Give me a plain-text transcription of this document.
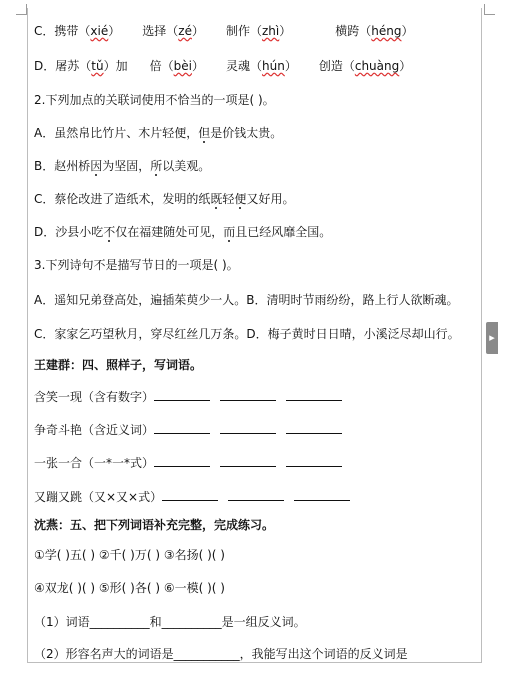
▸
C．携带（xié） 选择（zé） 制作（zhì）	横跨（héng）
D．屠苏（tǔ）加 倍（bèi） 灵魂（hún） 创造（chuàng）
2.下列加点的关联词使用不恰当的一项是( )。
A．虽然帛比竹片、木片轻便，但是价钱太贵。
B．赵州桥因为坚固，所以美观。
C．蔡伦改进了造纸术，发明的纸既轻便又好用。
D．沙县小吃不仅在福建随处可见，而且已经风靡全国。
3.下列诗句不是描写节日的一项是( )。
A．遥知兄弟登高处，遍插茱萸少一人。B．清明时节雨纷纷，路上行人欲断魂。
C．家家乞巧望秋月，穿尽红丝几万条。D．梅子黄时日日晴，小溪泛尽却山行。
王建群：四、照样子，写词语。
含笑一现（含有数字）
争奇斗艳（含近义词）
一张一合（一*一*式）
又蹦又跳（又×又×式）
沈燕：五、把下列词语补充完整，完成练习。
①学( )五( ) ②千( )万( ) ③名扬( )( )
④双龙( )( ) ⑤形( )各( ) ⑥一模( )( )
（1）词语__________和__________是一组反义词。
（2）形容名声大的词语是___________，我能写出这个词语的反义词是
